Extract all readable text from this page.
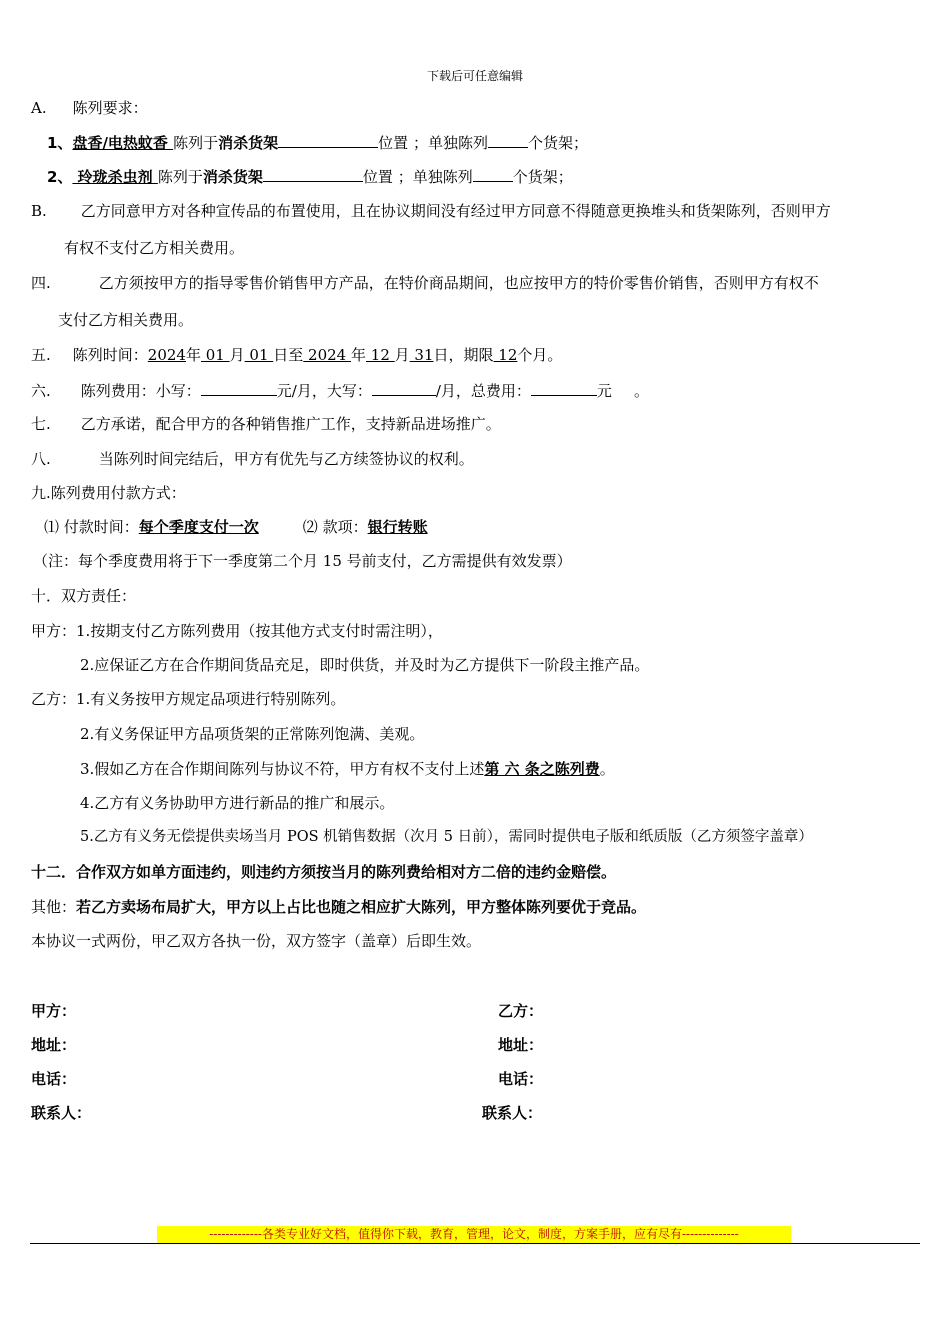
下载后可任意编辑
A. 陈列要求：
1、盘香/电热蚊香 陈列于消杀货架	位置 ；单独陈列	个货架；
2、 玲珑杀虫剂 陈列于消杀货架	位置 ；单独陈列	个货架；
B. 乙方同意甲方对各种宣传品的布置使用，且在协议期间没有经过甲方同意不得随意更换堆头和货架陈列，否则甲方
有权不支付乙方相关费用。
四.	乙方须按甲方的指导零售价销售甲方产品，在特价商品期间，也应按甲方的特价零售价销售，否则甲方有权不
支付乙方相关费用。
五. 陈列时间：2024年 01 月 01 日至 2024 年 12 月 31日，期限 12个月。
六. 陈列费用：小写：	元/月，大写：	/月，总费用：	元 。
七. 乙方承诺，配合甲方的各种销售推广工作，支持新品进场推广。
八.	当陈列时间完结后，甲方有优先与乙方续签协议的权利。
九.陈列费用付款方式：
⑴ 付款时间：每个季度支付一次	⑵ 款项：银行转账
（注：每个季度费用将于下一季度第二个月 15 号前支付，乙方需提供有效发票）
十．双方责任：
甲方：1.按期支付乙方陈列费用（按其他方式支付时需注明），
2.应保证乙方在合作期间货品充足，即时供货，并及时为乙方提供下一阶段主推产品。
乙方：1.有义务按甲方规定品项进行特别陈列。
2.有义务保证甲方品项货架的正常陈列饱满、美观。
3.假如乙方在合作期间陈列与协议不符，甲方有权不支付上述第 六 条之陈列费。
4.乙方有义务协助甲方进行新品的推广和展示。
5.乙方有义务无偿提供卖场当月 POS 机销售数据（次月 5 日前），需同时提供电子版和纸质版（乙方须签字盖章）
十二．合作双方如单方面违约，则违约方须按当月的陈列费给相对方二倍的违约金赔偿。
其他：若乙方卖场布局扩大，甲方以上占比也随之相应扩大陈列，甲方整体陈列要优于竞品。
本协议一式两份，甲乙双方各执一份，双方签字（盖章）后即生效。
甲方：
地址：
电话：
联系人：
乙方：
地址：
电话：
联系人：
-------------各类专业好文档，值得你下载，教育，管理，论文，制度，方案手册，应有尽有--------------
